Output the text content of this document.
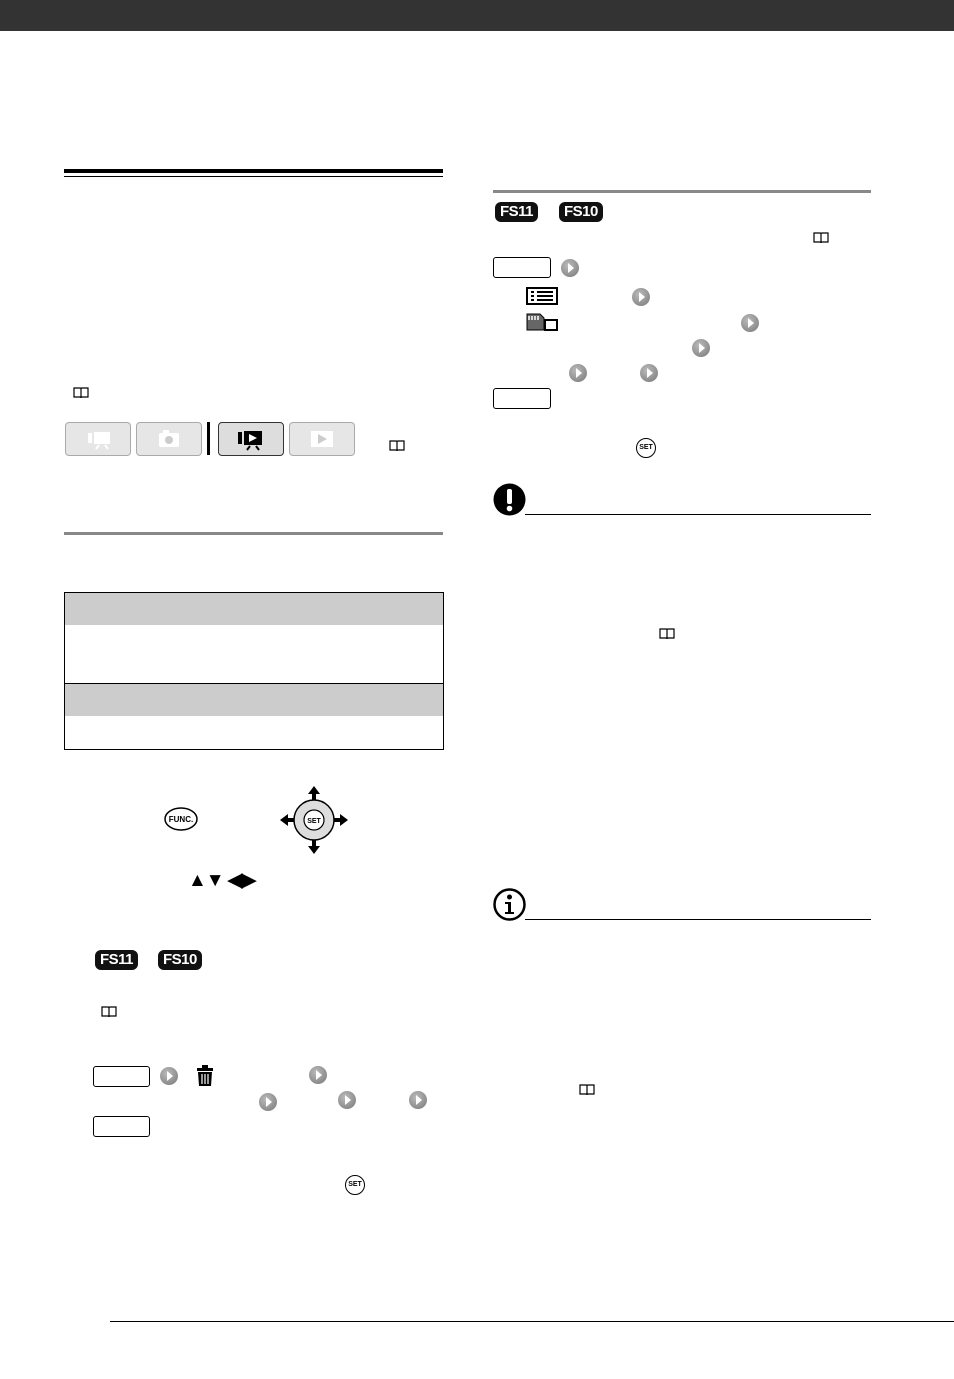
FUNC.	SET
▲▼ ◀▶
FS11	FS10
SET
FS11	FS10
SET
